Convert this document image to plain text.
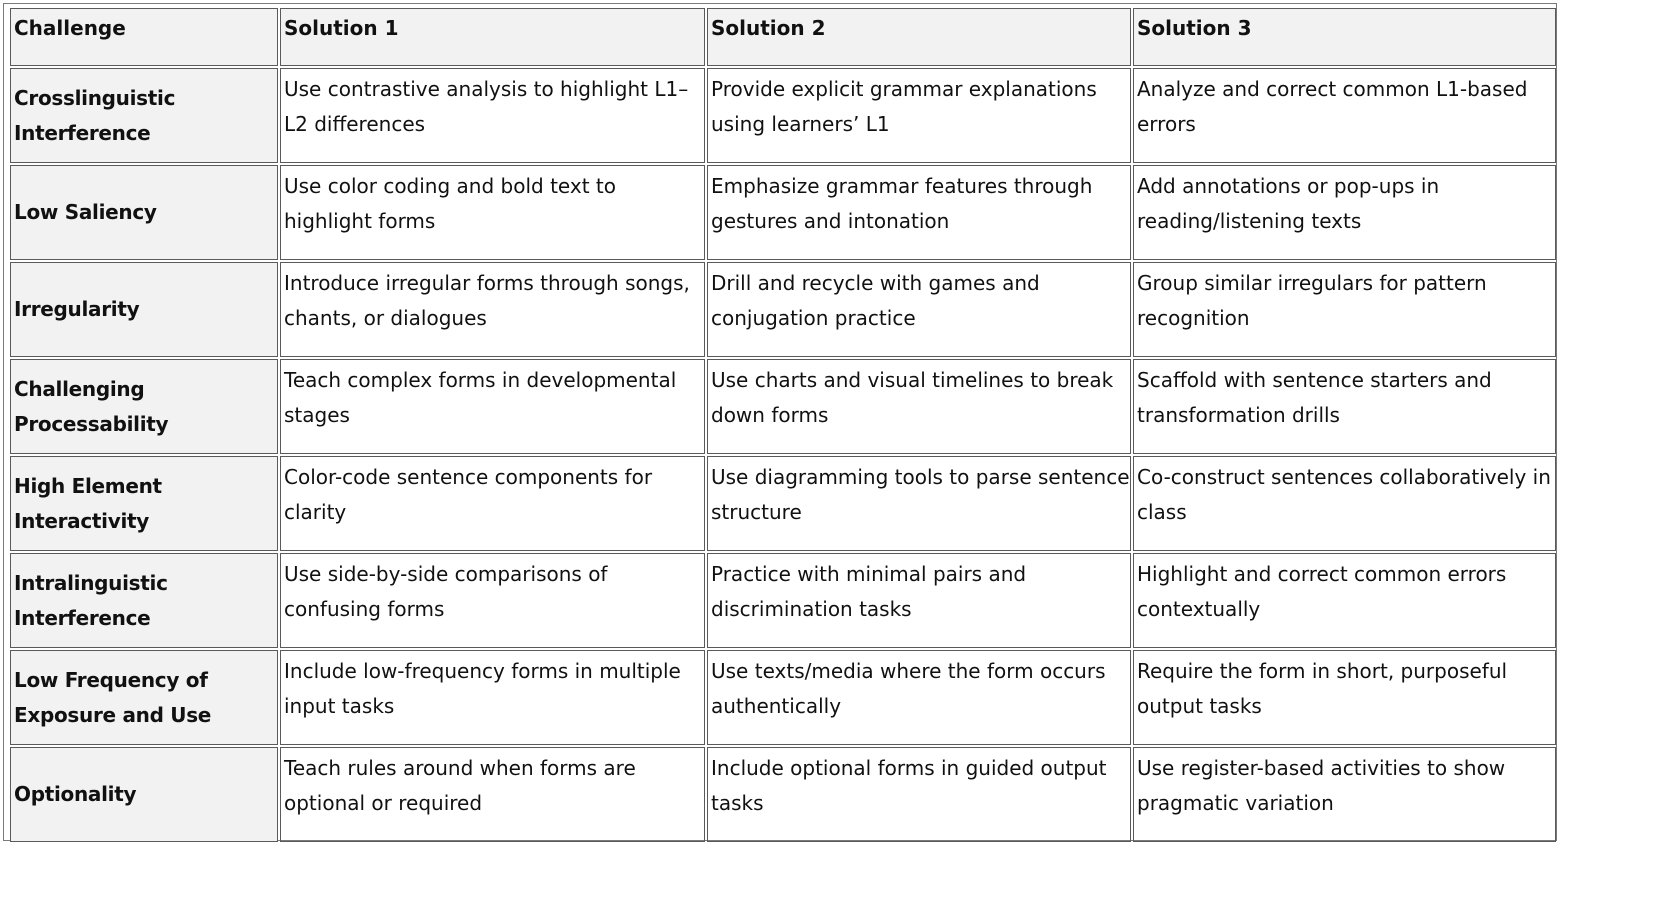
Challenge	Solution 1	Solution 2	Solution 3

Crosslinguistic Interference	Use contrastive analysis to highlight L1–L2 differences	Provide explicit grammar explanations using learners’ L1	Analyze and correct common L1-based errors

Low Saliency	Use color coding and bold text to highlight forms	Emphasize grammar features through gestures and intonation	Add annotations or pop-ups in reading/listening texts

Irregularity	Introduce irregular forms through songs, chants, or dialogues	Drill and recycle with games and conjugation practice	Group similar irregulars for pattern recognition

Challenging Processability	Teach complex forms in developmental stages	Use charts and visual timelines to break down forms	Scaffold with sentence starters and transformation drills

High Element Interactivity	Color-code sentence components for clarity	Use diagramming tools to parse sentence structure	Co-construct sentences collaboratively in class

Intralinguistic Interference	Use side-by-side comparisons of confusing forms	Practice with minimal pairs and discrimination tasks	Highlight and correct common errors contextually

Low Frequency of Exposure and Use	Include low-frequency forms in multiple input tasks	Use texts/media where the form occurs authentically	Require the form in short, purposeful output tasks

Optionality	Teach rules around when forms are optional or required	Include optional forms in guided output tasks	Use register-based activities to show pragmatic variation
